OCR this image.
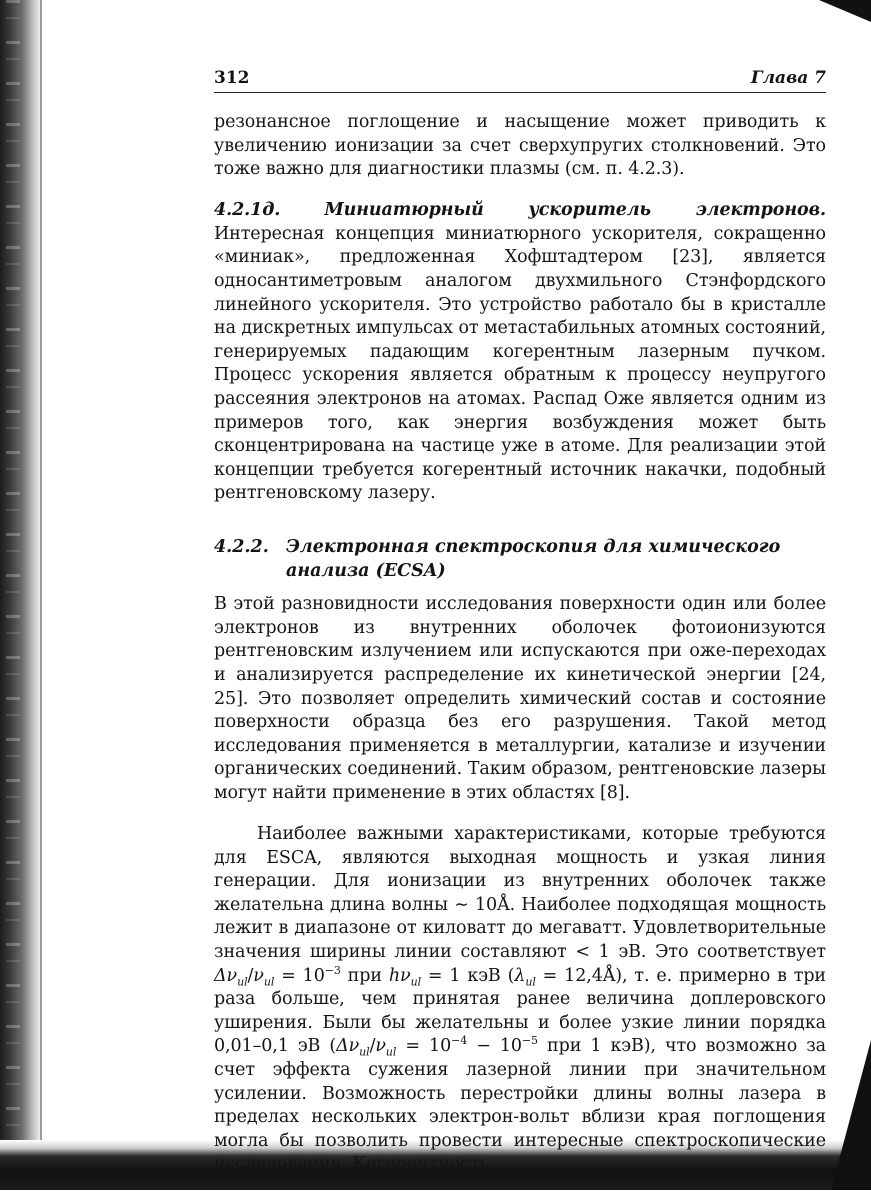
312	Глава 7

резонансное поглощение и насыщение может приводить к увеличению ионизации за счет сверхупругих столкновений. Это тоже важно для диагностики плазмы (см. п. 4.2.3).

4.2.1д.	Миниатюрный ускоритель электронов. Интересная концепция миниатюрного ускорителя, сокращенно «миниак», предложенная Хофштадтером [23], является односантиметровым аналогом двухмильного Стэнфордского линейного ускорителя. Это устройство работало бы в кристалле на дискретных импульсах от метастабильных атомных состояний, генерируемых падающим когерентным лазерным пучком. Процесс ускорения является обратным к процессу неупругого рассеяния электронов на атомах. Распад Оже является одним из примеров того, как энергия возбуждения может быть сконцентрирована на частице уже в атоме. Для реализации этой концепции требуется когерентный источник накачки, подобный рентгеновскому лазеру.

4.2.2. Электронная спектроскопия для химического анализа (ECSA)

В этой разновидности исследования поверхности один или более электронов из внутренних оболочек фотоионизуются рентгеновским излучением или испускаются при оже-переходах и анализируется распределение их кинетической энергии [24, 25]. Это позволяет определить химический состав и состояние поверхности образца без его разрушения. Такой метод исследования применяется в металлургии, катализе и изучении органических соединений. Таким образом, рентгеновские лазеры могут найти применение в этих областях [8].

Наиболее важными характеристиками, которые требуются для ESCA, являются выходная мощность и узкая линия генерации. Для ионизации из внутренних оболочек также желательна длина волны ∼ 10Å. Наиболее подходящая мощность лежит в диапазоне от киловатт до мегаватт. Удовлетворительные значения ширины линии составляют < 1 эВ. Это соответствует $\Delta\nu_{ul}/\nu_{ul} = 10^{-3}$ при $h\nu_{ul} = 1$ кэВ ($\lambda_{ul}$ = 12,4Å), т. е. примерно в три раза больше, чем принятая ранее величина доплеровского уширения. Были бы желательны и более узкие линии порядка 0,01–0,1 эВ ($\Delta\nu_{ul}/\nu_{ul} = 10^{-4} - 10^{-5}$ при 1 кэВ), что возможно за счет эффекта сужения лазерной линии при значительном усилении. Возможность перестройки длины волны лазера в пределах нескольких электрон-вольт вблизи края поглощения могла бы позволить провести интересные спектроскопические исследования. Когерентность
